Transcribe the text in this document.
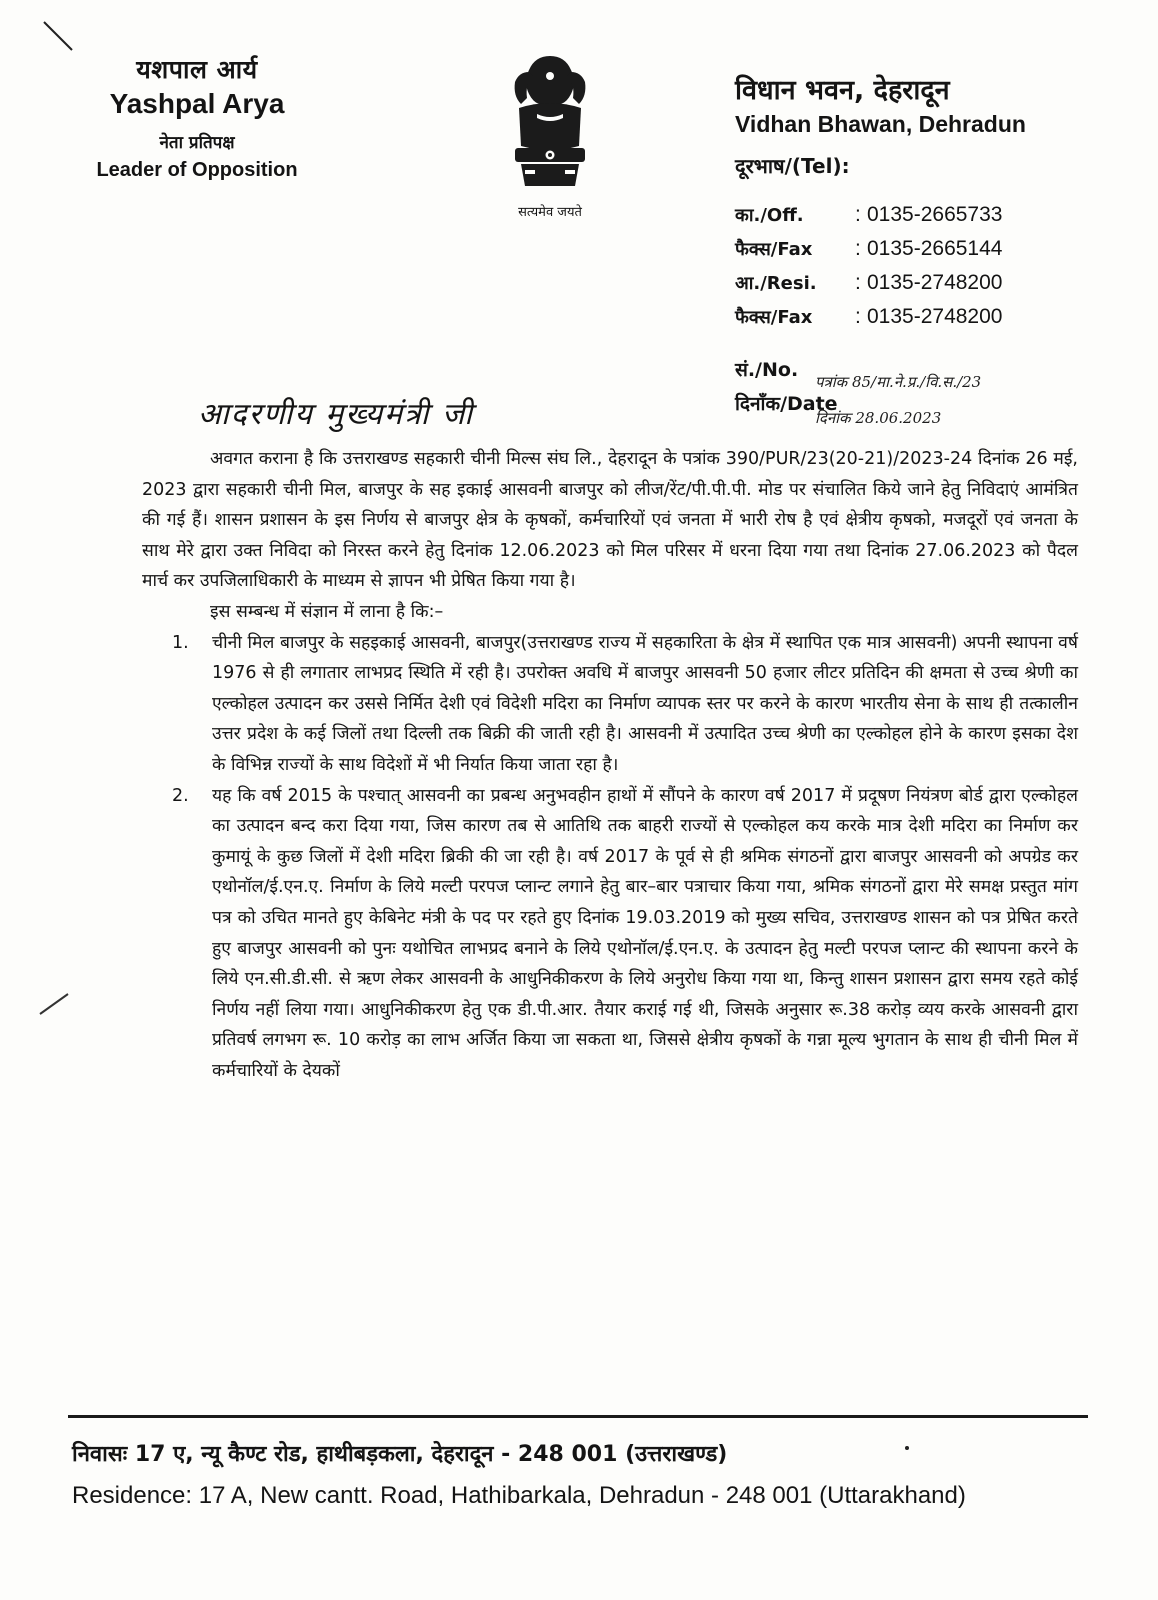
यशपाल आर्य
Yashpal Arya
नेता प्रतिपक्ष
Leader of Opposition
सत्यमेव जयते
विधान भवन, देहरादून
Vidhan Bhawan, Dehradun
दूरभाष/(Tel):
का./Off. : 0135-2665733
फैक्स/Fax : 0135-2665144
आ./Resi. : 0135-2748200
फैक्स/Fax : 0135-2748200
सं./No.
दिनाँक/Date
पत्रांक 85/मा.ने.प्र./वि.स./23
दिनांक 28.06.2023
आदरणीय मुख्यमंत्री जी

अवगत कराना है कि उत्तराखण्ड सहकारी चीनी मिल्स संघ लि., देहरादून के पत्रांक 390/PUR/23(20-21)/2023-24 दिनांक 26 मई, 2023 द्वारा सहकारी चीनी मिल, बाजपुर के सह इकाई आसवनी बाजपुर को लीज/रेंट/पी.पी.पी. मोड पर संचालित किये जाने हेतु निविदाएं आमंत्रित की गई हैं। शासन प्रशासन के इस निर्णय से बाजपुर क्षेत्र के कृषकों, कर्मचारियों एवं जनता में भारी रोष है एवं क्षेत्रीय कृषको, मजदूरों एवं जनता के साथ मेरे द्वारा उक्त निविदा को निरस्त करने हेतु दिनांक 12.06.2023 को मिल परिसर में धरना दिया गया तथा दिनांक 27.06.2023 को पैदल मार्च कर उपजिलाधिकारी के माध्यम से ज्ञापन भी प्रेषित किया गया है।

इस सम्बन्ध में संज्ञान में लाना है कि:–

1. चीनी मिल बाजपुर के सहइकाई आसवनी, बाजपुर(उत्तराखण्ड राज्य में सहकारिता के क्षेत्र में स्थापित एक मात्र आसवनी) अपनी स्थापना वर्ष 1976 से ही लगातार लाभप्रद स्थिति में रही है। उपरोक्त अवधि में बाजपुर आसवनी 50 हजार लीटर प्रतिदिन की क्षमता से उच्च श्रेणी का एल्कोहल उत्पादन कर उससे निर्मित देशी एवं विदेशी मदिरा का निर्माण व्यापक स्तर पर करने के कारण भारतीय सेना के साथ ही तत्कालीन उत्तर प्रदेश के कई जिलों तथा दिल्ली तक बिक्री की जाती रही है। आसवनी में उत्पादित उच्च श्रेणी का एल्कोहल होने के कारण इसका देश के विभिन्न राज्यों के साथ विदेशों में भी निर्यात किया जाता रहा है।

2. यह कि वर्ष 2015 के पश्चात् आसवनी का प्रबन्ध अनुभवहीन हाथों में सौंपने के कारण वर्ष 2017 में प्रदूषण नियंत्रण बोर्ड द्वारा एल्कोहल का उत्पादन बन्द करा दिया गया, जिस कारण तब से आतिथि तक बाहरी राज्यों से एल्कोहल कय करके मात्र देशी मदिरा का निर्माण कर कुमायूं के कुछ जिलों में देशी मदिरा ब्रिकी की जा रही है। वर्ष 2017 के पूर्व से ही श्रमिक संगठनों द्वारा बाजपुर आसवनी को अपग्रेड कर एथोनॉल/ई.एन.ए. निर्माण के लिये मल्टी परपज प्लान्ट लगाने हेतु बार–बार पत्राचार किया गया, श्रमिक संगठनों द्वारा मेरे समक्ष प्रस्तुत मांग पत्र को उचित मानते हुए केबिनेट मंत्री के पद पर रहते हुए दिनांक 19.03.2019 को मुख्य सचिव, उत्तराखण्ड शासन को पत्र प्रेषित करते हुए बाजपुर आसवनी को पुनः यथोचित लाभप्रद बनाने के लिये एथोनॉल/ई.एन.ए. के उत्पादन हेतु मल्टी परपज प्लान्ट की स्थापना करने के लिये एन.सी.डी.सी. से ऋण लेकर आसवनी के आधुनिकीकरण के लिये अनुरोध किया गया था, किन्तु शासन प्रशासन द्वारा समय रहते कोई निर्णय नहीं लिया गया। आधुनिकीकरण हेतु एक डी.पी.आर. तैयार कराई गई थी, जिसके अनुसार रू.38 करोड़ व्यय करके आसवनी द्वारा प्रतिवर्ष लगभग रू. 10 करोड़ का लाभ अर्जित किया जा सकता था, जिससे क्षेत्रीय कृषकों के गन्ना मूल्य भुगतान के साथ ही चीनी मिल में कर्मचारियों के देयकों

निवासः 17 ए, न्यू कैण्ट रोड, हाथीबड़कला, देहरादून - 248 001 (उत्तराखण्ड)
Residence: 17 A, New cantt. Road, Hathibarkala, Dehradun - 248 001 (Uttarakhand)
